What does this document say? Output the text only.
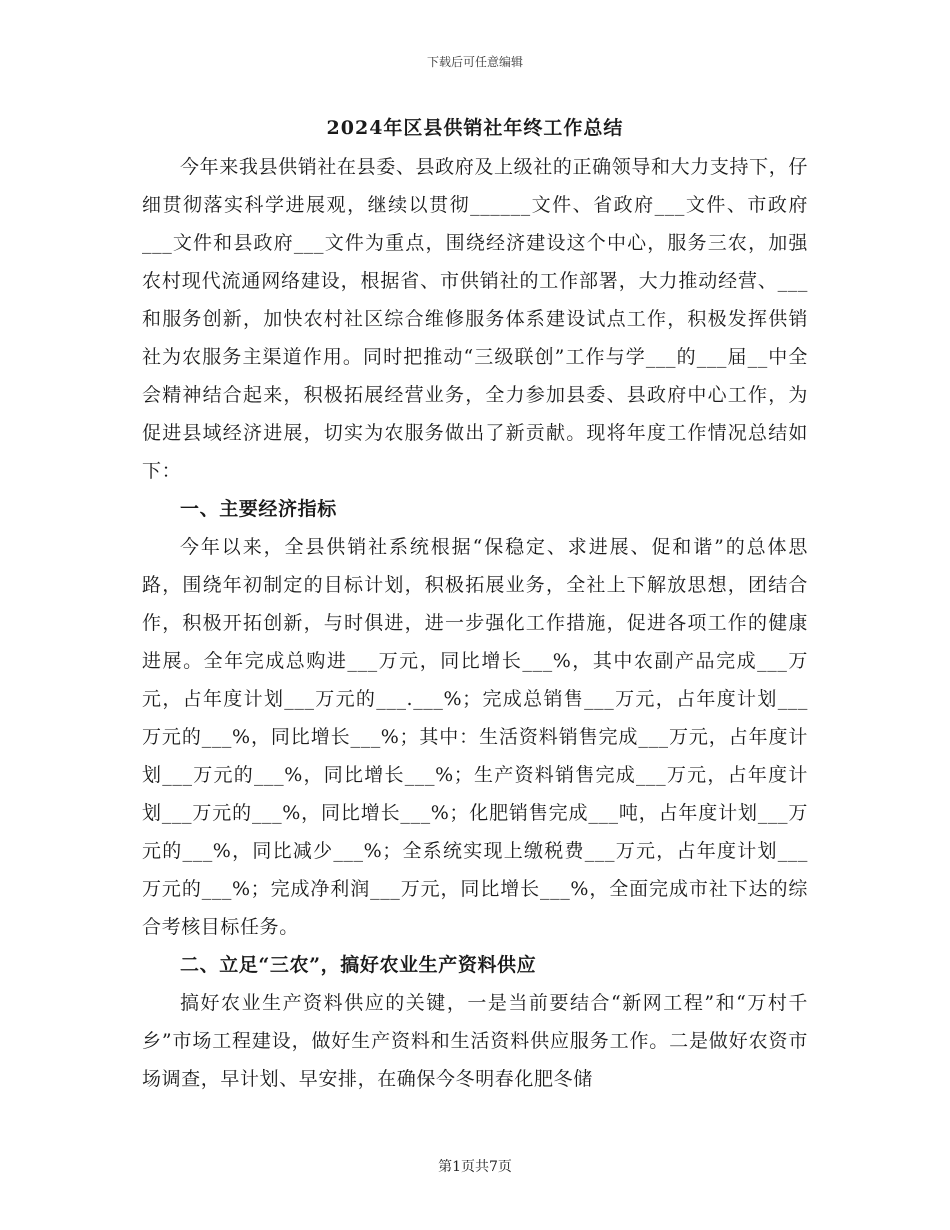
下载后可任意编辑
2024年区县供销社年终工作总结

今年来我县供销社在县委、县政府及上级社的正确领导和大力支持下，仔细贯彻落实科学进展观，继续以贯彻______文件、省政府___文件、市政府___文件和县政府___文件为重点，围绕经济建设这个中心，服务三农，加强农村现代流通网络建设，根据省、市供销社的工作部署，大力推动经营、___和服务创新，加快农村社区综合维修服务体系建设试点工作，积极发挥供销社为农服务主渠道作用。同时把推动“三级联创”工作与学___的___届__中全会精神结合起来，积极拓展经营业务，全力参加县委、县政府中心工作，为促进县域经济进展，切实为农服务做出了新贡献。现将年度工作情况总结如下：

一、主要经济指标

今年以来，全县供销社系统根据“保稳定、求进展、促和谐”的总体思路，围绕年初制定的目标计划，积极拓展业务，全社上下解放思想，团结合作，积极开拓创新，与时俱进，进一步强化工作措施，促进各项工作的健康进展。全年完成总购进___万元，同比增长___%，其中农副产品完成___万元，占年度计划___万元的___.___%；完成总销售___万元，占年度计划___万元的___%，同比增长___%；其中：生活资料销售完成___万元，占年度计划___万元的___%，同比增长___%；生产资料销售完成___万元，占年度计划___万元的___%，同比增长___%；化肥销售完成___吨，占年度计划___万元的___%，同比减少___%；全系统实现上缴税费___万元，占年度计划___万元的___%；完成净利润___万元，同比增长___%，全面完成市社下达的综合考核目标任务。

二、立足“三农”，搞好农业生产资料供应

搞好农业生产资料供应的关键，一是当前要结合“新网工程”和“万村千乡”市场工程建设，做好生产资料和生活资料供应服务工作。二是做好农资市场调查，早计划、早安排，在确保今冬明春化肥冬储

第1页共7页
